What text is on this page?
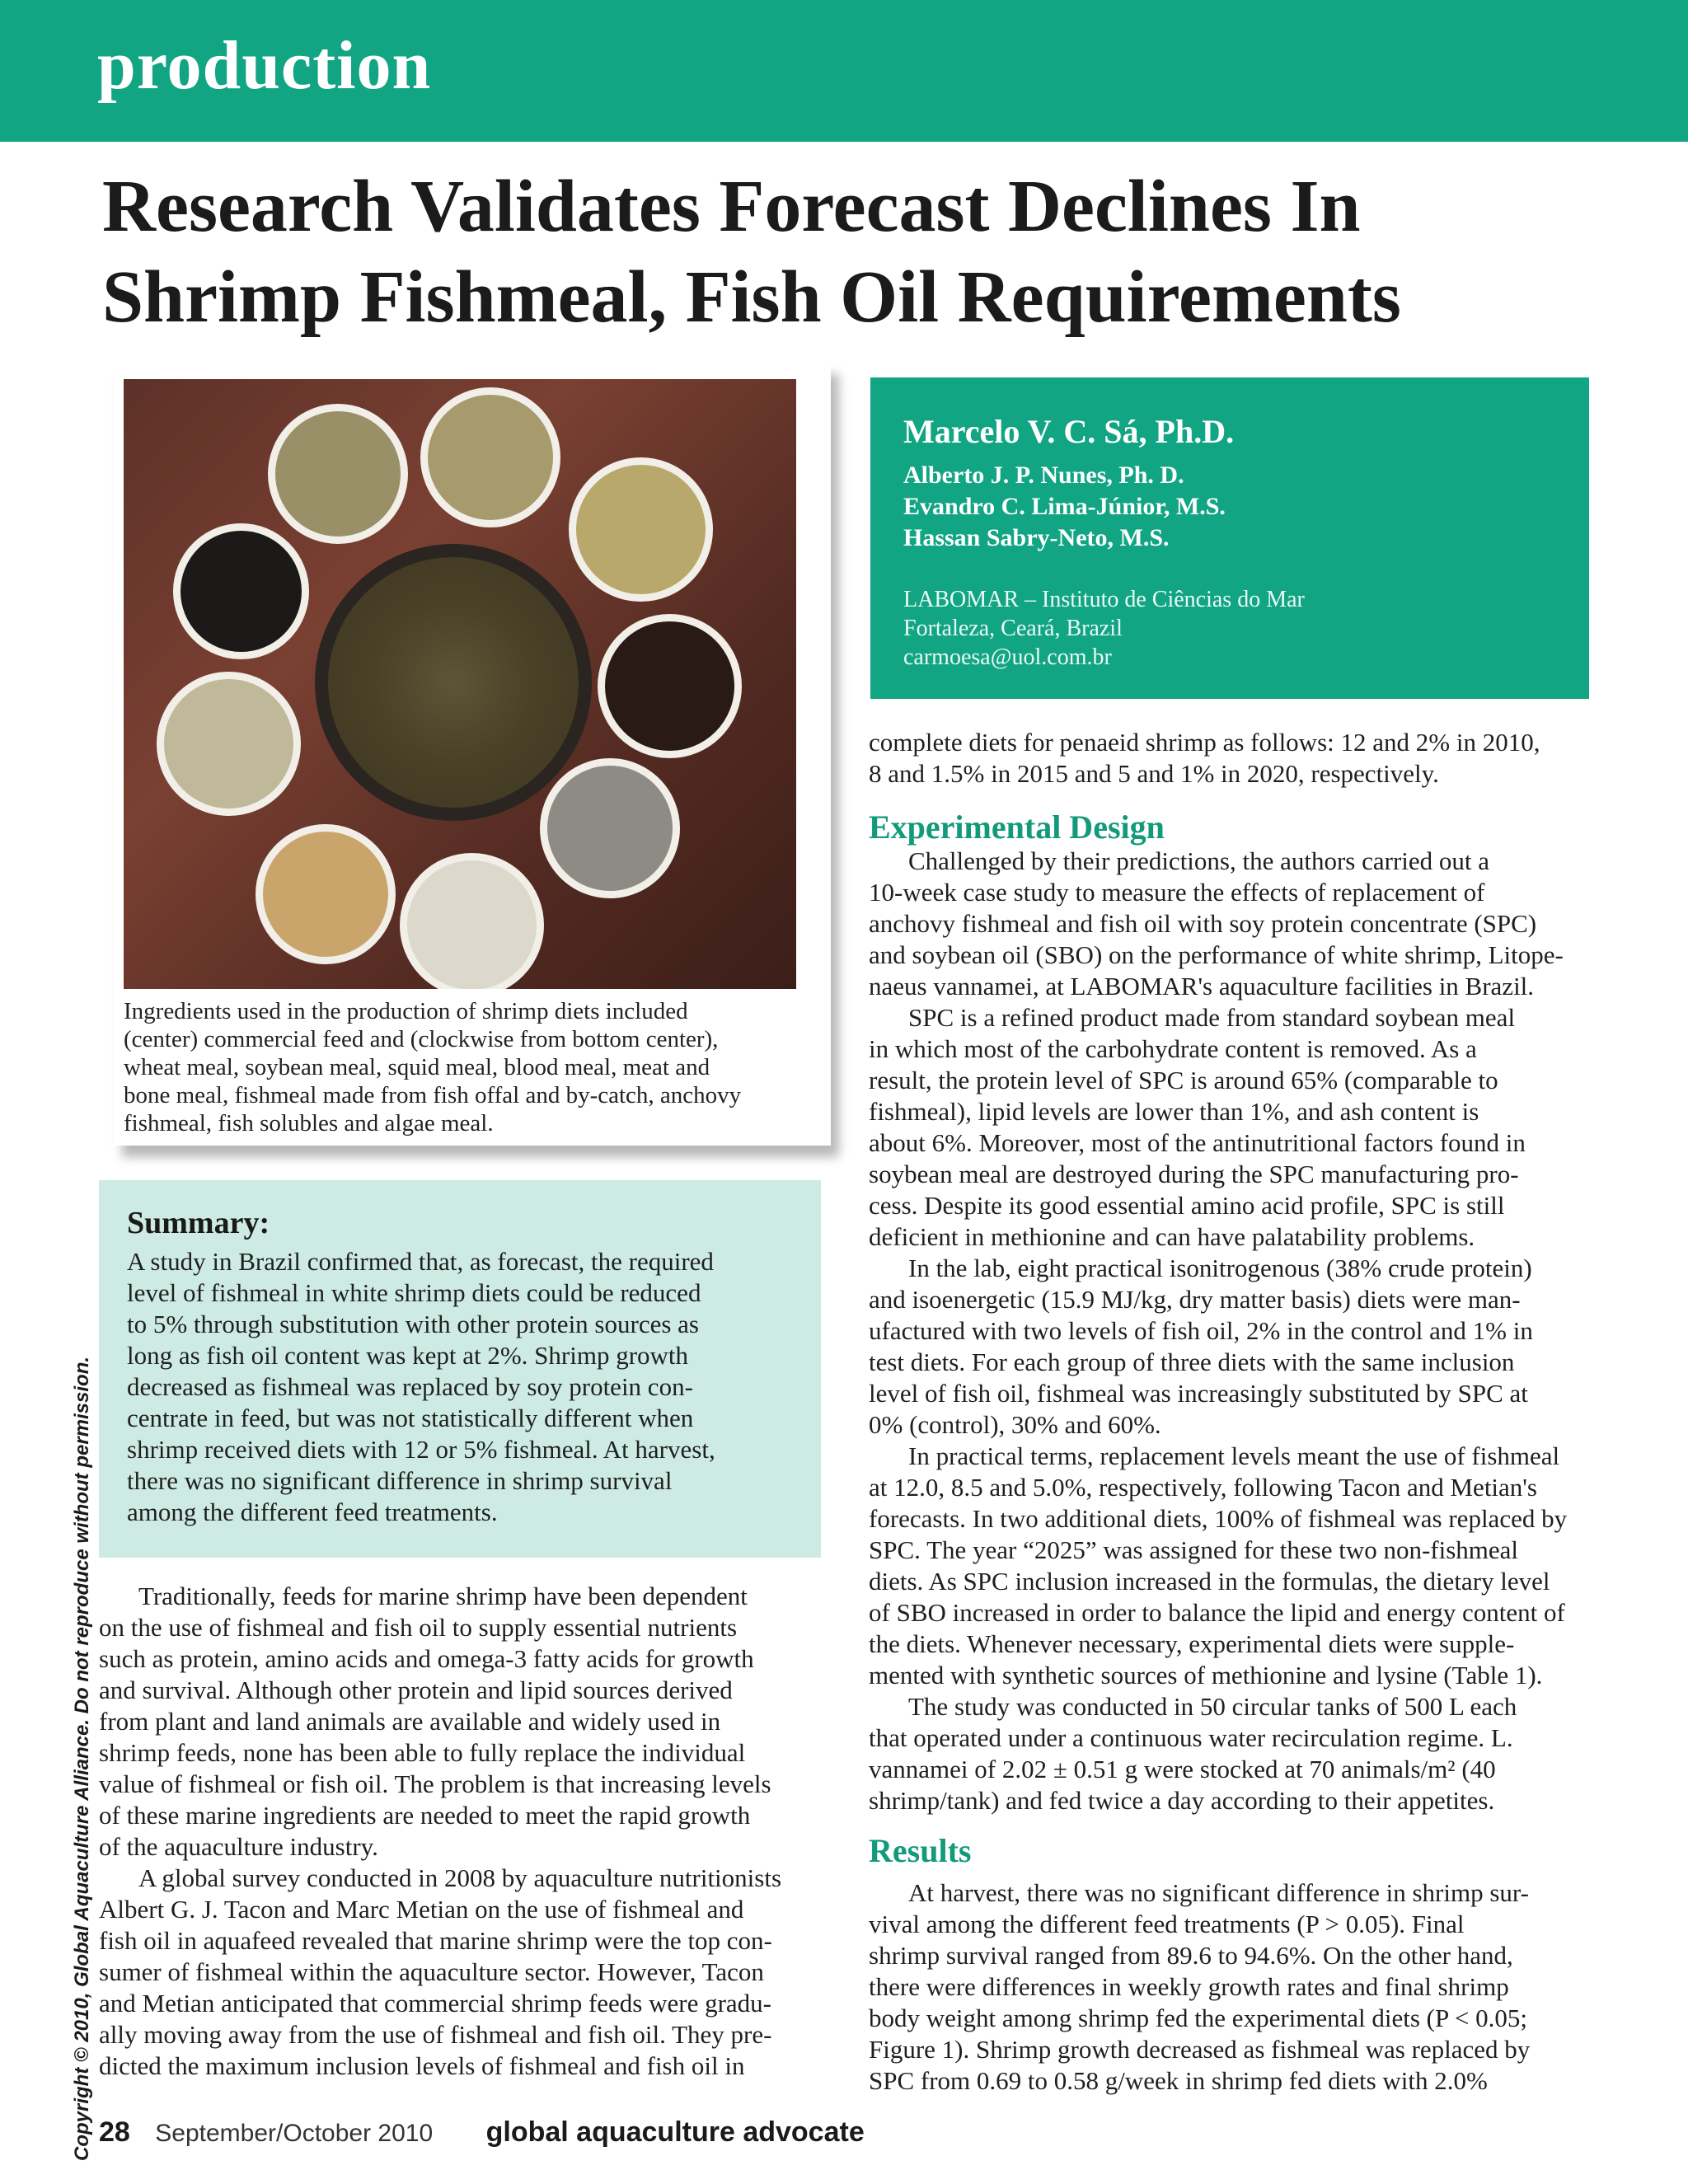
production
Research Validates Forecast Declines In
Shrimp Fishmeal, Fish Oil Requirements

Ingredients used in the production of shrimp diets included
(center) commercial feed and (clockwise from bottom center),
wheat meal, soybean meal, squid meal, blood meal, meat and
bone meal, fishmeal made from fish offal and by-catch, anchovy
fishmeal, fish solubles and algae meal.

Marcelo V. C. Sá, Ph.D.

Alberto J. P. Nunes, Ph. D.
Evandro C. Lima-Júnior, M.S.
Hassan Sabry-Neto, M.S.
LABOMAR – Instituto de Ciências do Mar
Fortaleza, Ceará, Brazil
carmoesa@uol.com.br
Summary:

A study in Brazil confirmed that, as forecast, the required
level of fishmeal in white shrimp diets could be reduced
to 5% through substitution with other protein sources as
long as fish oil content was kept at 2%. Shrimp growth
decreased as fishmeal was replaced by soy protein con-
centrate in feed, but was not statistically different when
shrimp received diets with 12 or 5% fishmeal. At harvest,
there was no significant difference in shrimp survival
among the different feed treatments.

Traditionally, feeds for marine shrimp have been dependent
on the use of fishmeal and fish oil to supply essential nutrients
such as protein, amino acids and omega-3 fatty acids for growth
and survival. Although other protein and lipid sources derived
from plant and land animals are available and widely used in
shrimp feeds, none has been able to fully replace the individual
value of fishmeal or fish oil. The problem is that increasing levels
of these marine ingredients are needed to meet the rapid growth
of the aquaculture industry.
A global survey conducted in 2008 by aquaculture nutritionists
Albert G. J. Tacon and Marc Metian on the use of fishmeal and
fish oil in aquafeed revealed that marine shrimp were the top con-
sumer of fishmeal within the aquaculture sector. However, Tacon
and Metian anticipated that commercial shrimp feeds were gradu-
ally moving away from the use of fishmeal and fish oil. They pre-
dicted the maximum inclusion levels of fishmeal and fish oil in

complete diets for penaeid shrimp as follows: 12 and 2% in 2010,
8 and 1.5% in 2015 and 5 and 1% in 2020, respectively.

Experimental Design

Challenged by their predictions, the authors carried out a
10-week case study to measure the effects of replacement of
anchovy fishmeal and fish oil with soy protein concentrate (SPC)
and soybean oil (SBO) on the performance of white shrimp, Litope-
naeus vannamei, at LABOMAR's aquaculture facilities in Brazil.
SPC is a refined product made from standard soybean meal
in which most of the carbohydrate content is removed. As a
result, the protein level of SPC is around 65% (comparable to
fishmeal), lipid levels are lower than 1%, and ash content is
about 6%. Moreover, most of the antinutritional factors found in
soybean meal are destroyed during the SPC manufacturing pro-
cess. Despite its good essential amino acid profile, SPC is still
deficient in methionine and can have palatability problems.
In the lab, eight practical isonitrogenous (38% crude protein)
and isoenergetic (15.9 MJ/kg, dry matter basis) diets were man-
ufactured with two levels of fish oil, 2% in the control and 1% in
test diets. For each group of three diets with the same inclusion
level of fish oil, fishmeal was increasingly substituted by SPC at
0% (control), 30% and 60%.
In practical terms, replacement levels meant the use of fishmeal
at 12.0, 8.5 and 5.0%, respectively, following Tacon and Metian's
forecasts. In two additional diets, 100% of fishmeal was replaced by
SPC. The year “2025” was assigned for these two non-fishmeal
diets. As SPC inclusion increased in the formulas, the dietary level
of SBO increased in order to balance the lipid and energy content of
the diets. Whenever necessary, experimental diets were supple-
mented with synthetic sources of methionine and lysine (Table 1).
The study was conducted in 50 circular tanks of 500 L each
that operated under a continuous water recirculation regime. L.
vannamei of 2.02 ± 0.51 g were stocked at 70 animals/m² (40
shrimp/tank) and fed twice a day according to their appetites.

Results

At harvest, there was no significant difference in shrimp sur-
vival among the different feed treatments (P > 0.05). Final
shrimp survival ranged from 89.6 to 94.6%. On the other hand,
there were differences in weekly growth rates and final shrimp
body weight among shrimp fed the experimental diets (P < 0.05;
Figure 1). Shrimp growth decreased as fishmeal was replaced by
SPC from 0.69 to 0.58 g/week in shrimp fed diets with 2.0%

Copyright © 2010, Global Aquaculture Alliance. Do not reproduce without permission. 28 September/October 2010 global aquaculture advocate
